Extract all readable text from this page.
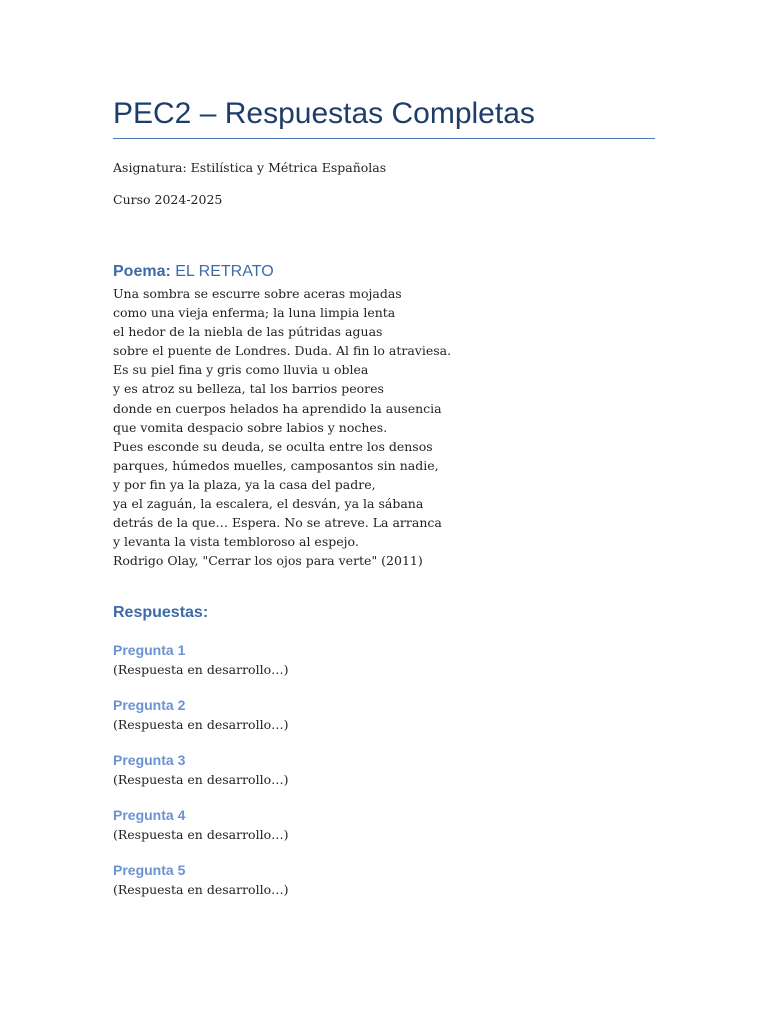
PEC2 – Respuestas Completas

Asignatura: Estilística y Métrica Españolas

Curso 2024-2025

Poema: EL RETRATO
Una sombra se escurre sobre aceras mojadas
como una vieja enferma; la luna limpia lenta
el hedor de la niebla de las pútridas aguas
sobre el puente de Londres. Duda. Al fin lo atraviesa.
Es su piel fina y gris como lluvia u oblea
y es atroz su belleza, tal los barrios peores
donde en cuerpos helados ha aprendido la ausencia
que vomita despacio sobre labios y noches.
Pues esconde su deuda, se oculta entre los densos
parques, húmedos muelles, camposantos sin nadie,
y por fin ya la plaza, ya la casa del padre,
ya el zaguán, la escalera, el desván, ya la sábana
detrás de la que… Espera. No se atreve. La arranca
y levanta la vista tembloroso al espejo.
Rodrigo Olay, "Cerrar los ojos para verte" (2011)
Respuestas:
Pregunta 1

(Respuesta en desarrollo…)

Pregunta 2

(Respuesta en desarrollo…)

Pregunta 3

(Respuesta en desarrollo…)

Pregunta 4

(Respuesta en desarrollo…)

Pregunta 5

(Respuesta en desarrollo…)
